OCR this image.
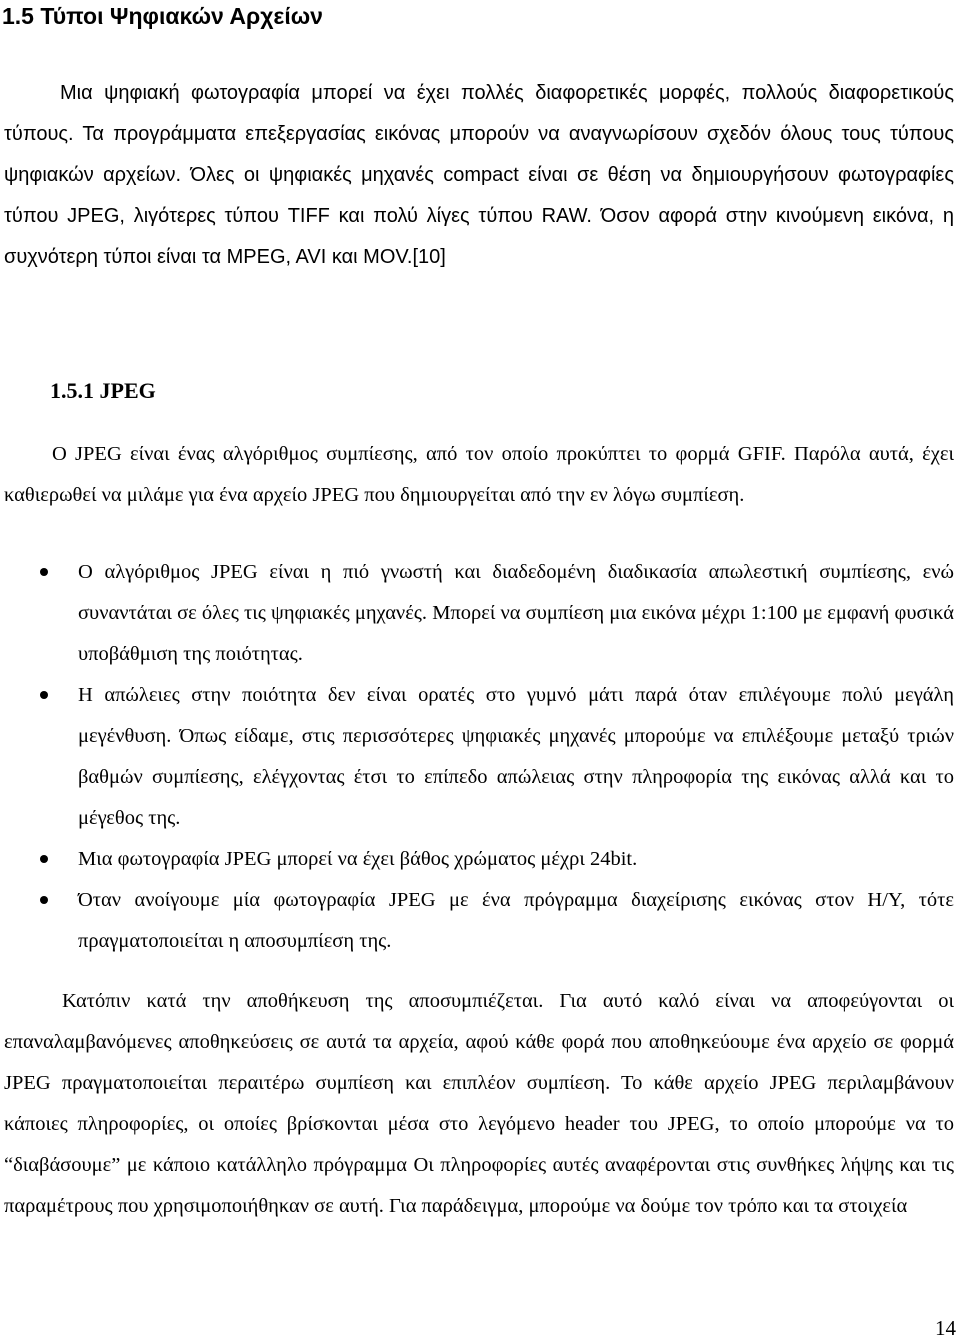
1.5 Τύποι Ψηφιακών Αρχείων

Μια ψηφιακή φωτογραφία μπορεί να έχει πολλές διαφορετικές μορφές, πολλούς διαφορετικούς τύπους. Τα προγράμματα επεξεργασίας εικόνας μπορούν να αναγνωρίσουν σχεδόν όλους τους τύπους ψηφιακών αρχείων. Όλες οι ψηφιακές μηχανές compact είναι σε θέση να δημιουργήσουν φωτογραφίες τύπου JPEG, λιγότερες τύπου TIFF και πολύ λίγες τύπου RAW. Όσον αφορά στην κινούμενη εικόνα, η συχνότερη τύποι είναι τα MPEG, AVI και MOV.[10]

1.5.1 JPEG

Ο JPEG είναι ένας αλγόριθμος συμπίεσης, από τον οποίο προκύπτει το φορμά GFIF. Παρόλα αυτά, έχει καθιερωθεί να μιλάμε για ένα αρχείο JPEG που δημιουργείται από την εν λόγω συμπίεση.

Ο αλγόριθμος JPEG είναι η πιό γνωστή και διαδεδομένη διαδικασία απωλεστική συμπίεσης, ενώ συναντάται σε όλες τις ψηφιακές μηχανές. Μπορεί να συμπίεση μια εικόνα μέχρι 1:100 με εμφανή φυσικά υποβάθμιση της ποιότητας.
Η απώλειες στην ποιότητα δεν είναι ορατές στο γυμνό μάτι παρά όταν επιλέγουμε πολύ μεγάλη μεγένθυση. Όπως είδαμε, στις περισσότερες ψηφιακές μηχανές μπορούμε να επιλέξουμε μεταξύ τριών βαθμών συμπίεσης, ελέγχοντας έτσι το επίπεδο απώλειας στην πληροφορία της εικόνας αλλά και το μέγεθος της.
Μια φωτογραφία JPEG μπορεί να έχει βάθος χρώματος μέχρι 24bit.
Όταν ανοίγουμε μία φωτογραφία JPEG με ένα πρόγραμμα διαχείρισης εικόνας στον Η/Υ, τότε πραγματοποιείται η αποσυμπίεση της.

Κατόπιν κατά την αποθήκευση της αποσυμπιέζεται. Για αυτό καλό είναι να αποφεύγονται οι επαναλαμβανόμενες αποθηκεύσεις σε αυτά τα αρχεία, αφού κάθε φορά που αποθηκεύουμε ένα αρχείο σε φορμά JPEG πραγματοποιείται περαιτέρω συμπίεση και επιπλέον συμπίεση. Το κάθε αρχείο JPEG περιλαμβάνουν κάποιες πληροφορίες, οι οποίες βρίσκονται μέσα στο λεγόμενο header του JPEG, το οποίο μπορούμε να το “διαβάσουμε” με κάποιο κατάλληλο πρόγραμμα Οι πληροφορίες αυτές αναφέρονται στις συνθήκες λήψης και τις παραμέτρους που χρησιμοποιήθηκαν σε αυτή. Για παράδειγμα, μπορούμε να δούμε τον τρόπο και τα στοιχεία

14
